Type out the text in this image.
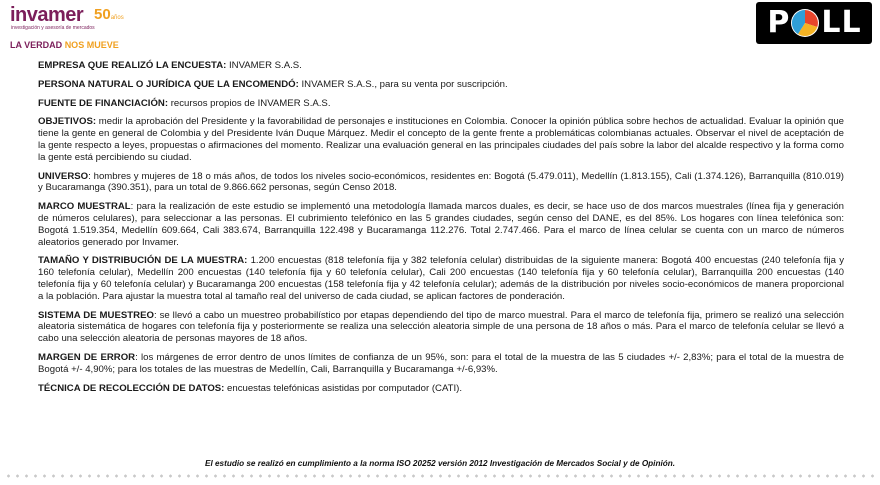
invamer 50años
investigación y asesoría de mercados
LA VERDAD NOS MUEVE
P L L

EMPRESA QUE REALIZÓ LA ENCUESTA: INVAMER S.A.S.

PERSONA NATURAL O JURÍDICA QUE LA ENCOMENDÓ: INVAMER S.A.S., para su venta por suscripción.

FUENTE DE FINANCIACIÓN: recursos propios de INVAMER S.A.S.

OBJETIVOS: medir la aprobación del Presidente y la favorabilidad de personajes e instituciones en Colombia. Conocer la opinión pública sobre hechos de actualidad. Evaluar la opinión que tiene la gente en general de Colombia y del Presidente Iván Duque Márquez. Medir el concepto de la gente frente a problemáticas colombianas actuales. Observar el nivel de aceptación de la gente respecto a leyes, propuestas o afirmaciones del momento. Realizar una evaluación general en las principales ciudades del país sobre la labor del alcalde respectivo y la forma como la gente está percibiendo su ciudad.

UNIVERSO: hombres y mujeres de 18 o más años, de todos los niveles socio-económicos, residentes en: Bogotá (5.479.011), Medellín (1.813.155), Cali (1.374.126), Barranquilla (810.019) y Bucaramanga (390.351), para un total de 9.866.662 personas, según Censo 2018.

MARCO MUESTRAL: para la realización de este estudio se implementó una metodología llamada marcos duales, es decir, se hace uso de dos marcos muestrales (línea fija y generación de números celulares), para seleccionar a las personas. El cubrimiento telefónico en las 5 grandes ciudades, según censo del DANE, es del 85%. Los hogares con línea telefónica son: Bogotá 1.519.354, Medellín 609.664, Cali 383.674, Barranquilla 122.498 y Bucaramanga 112.276. Total 2.747.466. Para el marco de línea celular se cuenta con un marco de números aleatorios generado por Invamer.

TAMAÑO Y DISTRIBUCIÓN DE LA MUESTRA: 1.200 encuestas (818 telefonía fija y 382 telefonía celular) distribuidas de la siguiente manera: Bogotá 400 encuestas (240 telefonía fija y 160 telefonía celular), Medellín 200 encuestas (140 telefonía fija y 60 telefonía celular), Cali 200 encuestas (140 telefonía fija y 60 telefonía celular), Barranquilla 200 encuestas (140 telefonía fija y 60 telefonía celular) y Bucaramanga 200 encuestas (158 telefonía fija y 42 telefonía celular); además de la distribución por niveles socio-económicos de manera proporcional a la población. Para ajustar la muestra total al tamaño real del universo de cada ciudad, se aplican factores de ponderación.

SISTEMA DE MUESTREO: se llevó a cabo un muestreo probabilístico por etapas dependiendo del tipo de marco muestral. Para el marco de telefonía fija, primero se realizó una selección aleatoria sistemática de hogares con telefonía fija y posteriormente se realiza una selección aleatoria simple de una persona de 18 años o más. Para el marco de telefonía celular se llevó a cabo una selección aleatoria de personas mayores de 18 años.

MARGEN DE ERROR: los márgenes de error dentro de unos límites de confianza de un 95%, son: para el total de la muestra de las 5 ciudades +/- 2,83%; para el total de la muestra de Bogotá +/- 4,90%; para los totales de las muestras de Medellín, Cali, Barranquilla y Bucaramanga +/-6,93%.

TÉCNICA DE RECOLECCIÓN DE DATOS: encuestas telefónicas asistidas por computador (CATI).

El estudio se realizó en cumplimiento a la norma ISO 20252 versión 2012 Investigación de Mercados Social y de Opinión.
